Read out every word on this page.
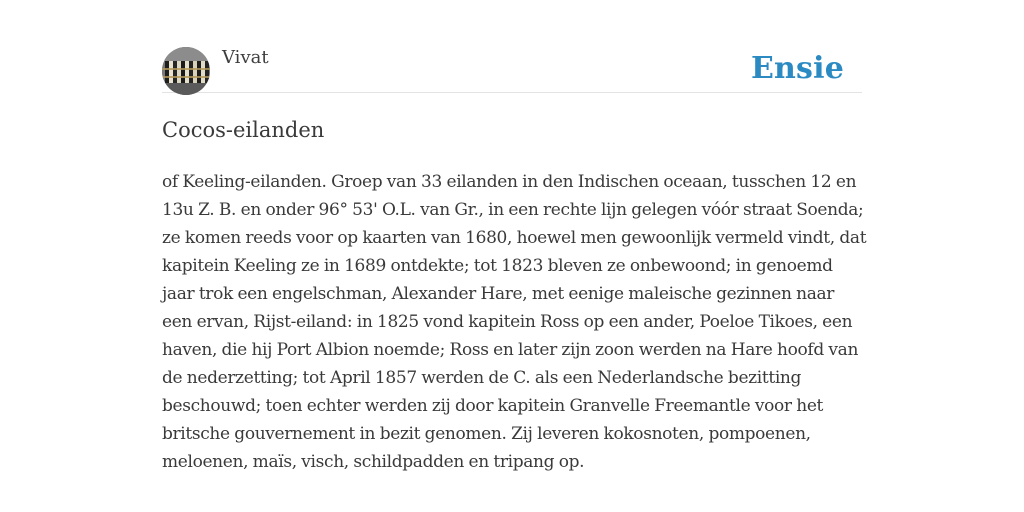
Vivat	Ensie
Cocos-eilanden

of Keeling-eilanden. Groep van 33 eilanden in den Indischen oceaan, tusschen 12 en 13u Z. B. en onder 96° 53' O.L. van Gr., in een rechte lijn gelegen vóór straat Soenda; ze komen reeds voor op kaarten van 1680, hoewel men gewoonlijk vermeld vindt, dat kapitein Keeling ze in 1689 ontdekte; tot 1823 bleven ze onbewoond; in genoemd jaar trok een engelschman, Alexander Hare, met eenige maleische gezinnen naar een ervan, Rijst-eiland: in 1825 vond kapitein Ross op een ander, Poeloe Tikoes, een haven, die hij Port Albion noemde; Ross en later zijn zoon werden na Hare hoofd van de nederzetting; tot April 1857 werden de C. als een Nederlandsche bezitting beschouwd; toen echter werden zij door kapitein Granvelle Freemantle voor het britsche gouvernement in bezit genomen. Zij leveren kokosnoten, pompoenen, meloenen, maïs, visch, schildpadden en tripang op.
